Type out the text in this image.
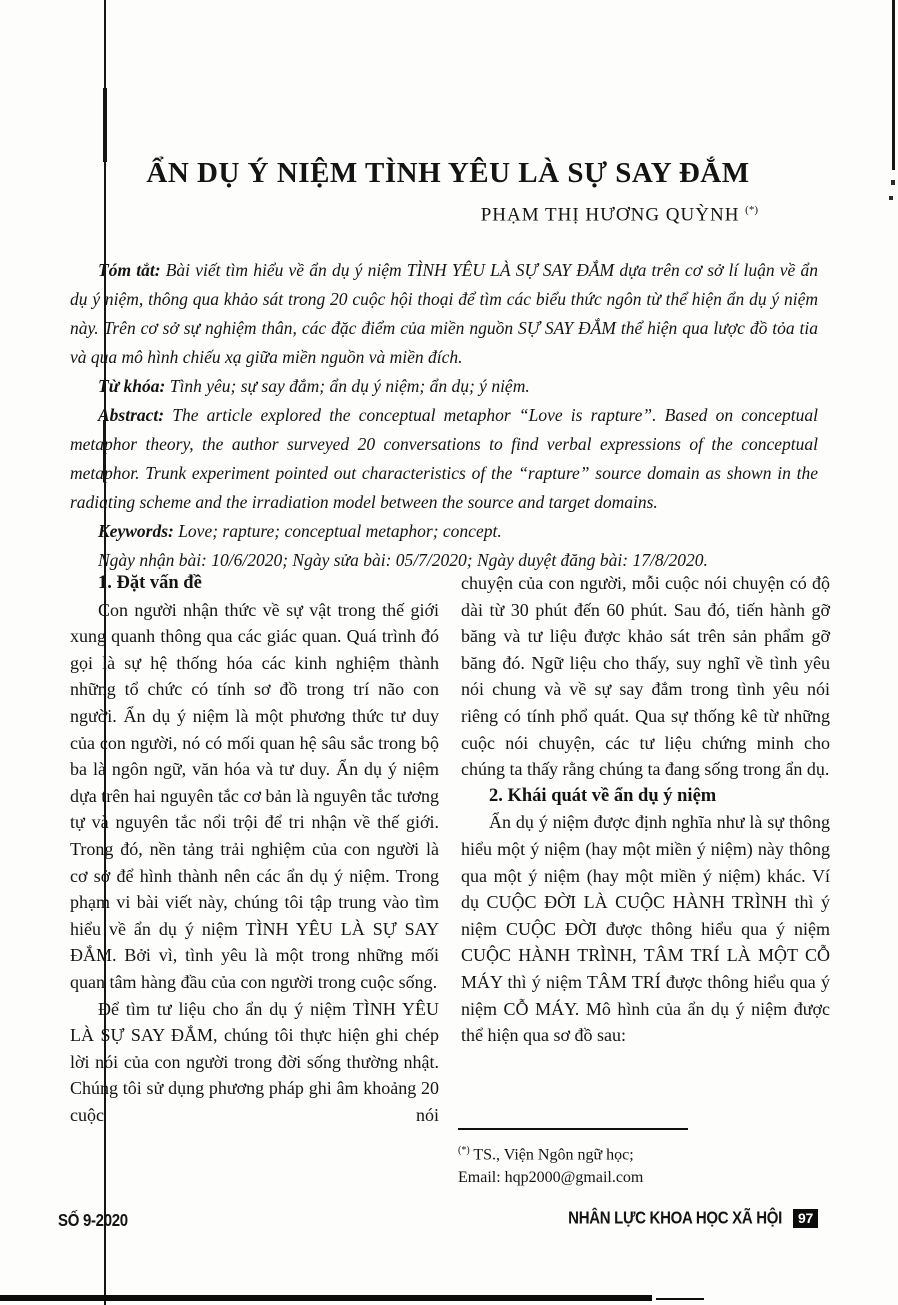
ẨN DỤ Ý NIỆM TÌNH YÊU LÀ SỰ SAY ĐẮM
PHẠM THỊ HƯƠNG QUỲNH (*)

Tóm tắt: Bài viết tìm hiểu về ẩn dụ ý niệm TÌNH YÊU LÀ SỰ SAY ĐẮM dựa trên cơ sở lí luận về ẩn dụ ý niệm, thông qua khảo sát trong 20 cuộc hội thoại để tìm các biểu thức ngôn từ thể hiện ẩn dụ ý niệm này. Trên cơ sở sự nghiệm thân, các đặc điểm của miền nguồn SỰ SAY ĐẮM thể hiện qua lược đồ tỏa tia và qua mô hình chiếu xạ giữa miền nguồn và miền đích.

Từ khóa: Tình yêu; sự say đắm; ẩn dụ ý niệm; ẩn dụ; ý niệm.

Abstract: The article explored the conceptual metaphor “Love is rapture”. Based on conceptual metaphor theory, the author surveyed 20 conversations to find verbal expressions of the conceptual metaphor. Trunk experiment pointed out characteristics of the “rapture” source domain as shown in the radiating scheme and the irradiation model between the source and target domains.

Keywords: Love; rapture; conceptual metaphor; concept.

Ngày nhận bài: 10/6/2020; Ngày sửa bài: 05/7/2020; Ngày duyệt đăng bài: 17/8/2020.

1. Đặt vấn đề

Con người nhận thức về sự vật trong thế giới xung quanh thông qua các giác quan. Quá trình đó gọi là sự hệ thống hóa các kinh nghiệm thành những tổ chức có tính sơ đồ trong trí não con người. Ẩn dụ ý niệm là một phương thức tư duy của con người, nó có mối quan hệ sâu sắc trong bộ ba là ngôn ngữ, văn hóa và tư duy. Ẩn dụ ý niệm dựa trên hai nguyên tắc cơ bản là nguyên tắc tương tự và nguyên tắc nổi trội để tri nhận về thế giới. Trong đó, nền tảng trải nghiệm của con người là cơ sở để hình thành nên các ẩn dụ ý niệm. Trong phạm vi bài viết này, chúng tôi tập trung vào tìm hiểu về ẩn dụ ý niệm TÌNH YÊU LÀ SỰ SAY ĐẮM. Bởi vì, tình yêu là một trong những mối quan tâm hàng đầu của con người trong cuộc sống.

Để tìm tư liệu cho ẩn dụ ý niệm TÌNH YÊU LÀ SỰ SAY ĐẮM, chúng tôi thực hiện ghi chép lời nói của con người trong đời sống thường nhật. Chúng tôi sử dụng phương pháp ghi âm khoảng 20 cuộc nói

chuyện của con người, mỗi cuộc nói chuyện có độ dài từ 30 phút đến 60 phút. Sau đó, tiến hành gỡ băng và tư liệu được khảo sát trên sản phẩm gỡ băng đó. Ngữ liệu cho thấy, suy nghĩ về tình yêu nói chung và về sự say đắm trong tình yêu nói riêng có tính phổ quát. Qua sự thống kê từ những cuộc nói chuyện, các tư liệu chứng minh cho chúng ta thấy rằng chúng ta đang sống trong ẩn dụ.

2. Khái quát về ẩn dụ ý niệm

Ẩn dụ ý niệm được định nghĩa như là sự thông hiểu một ý niệm (hay một miền ý niệm) này thông qua một ý niệm (hay một miền ý niệm) khác. Ví dụ CUỘC ĐỜI LÀ CUỘC HÀNH TRÌNH thì ý niệm CUỘC ĐỜI được thông hiểu qua ý niệm CUỘC HÀNH TRÌNH, TÂM TRÍ LÀ MỘT CỖ MÁY thì ý niệm TÂM TRÍ được thông hiểu qua ý niệm CỖ MÁY. Mô hình của ẩn dụ ý niệm được thể hiện qua sơ đồ sau:

(*) TS., Viện Ngôn ngữ học;
Email: hqp2000@gmail.com
SỐ 9-2020	NHÂN LỰC KHOA HỌC XÃ HỘI	97
